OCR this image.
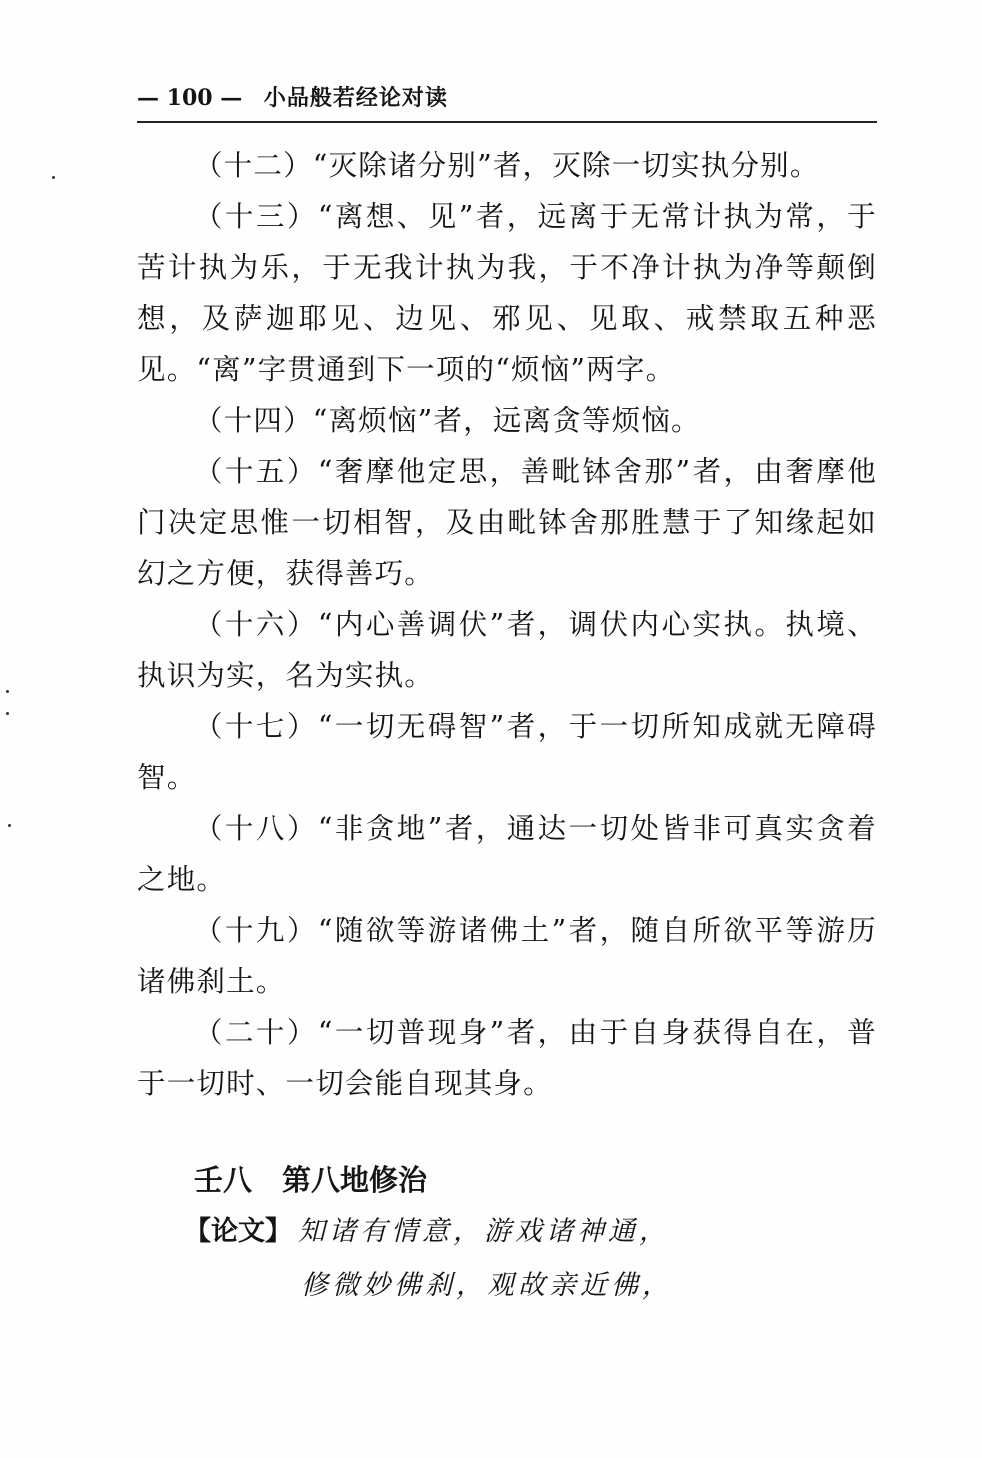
— 100 — 小品般若经论对读

（十二）“灭除诸分别”者，灭除一切实执分别。

（十三）“离想、见”者，远离于无常计执为常，于苦计执为乐，于无我计执为我，于不净计执为净等颠倒想，及萨迦耶见、边见、邪见、见取、戒禁取五种恶见。“离”字贯通到下一项的“烦恼”两字。

（十四）“离烦恼”者，远离贪等烦恼。

（十五）“奢摩他定思，善毗钵舍那”者，由奢摩他门决定思惟一切相智，及由毗钵舍那胜慧于了知缘起如幻之方便，获得善巧。

（十六）“内心善调伏”者，调伏内心实执。执境、执识为实，名为实执。

（十七）“一切无碍智”者，于一切所知成就无障碍智。

（十八）“非贪地”者，通达一切处皆非可真实贪着之地。

（十九）“随欲等游诸佛土”者，随自所欲平等游历诸佛刹土。

（二十）“一切普现身”者，由于自身获得自在，普于一切时、一切会能自现其身。

壬八 第八地修治
【论文】 知诸有情意，游戏诸神通，
修微妙佛刹，观故亲近佛，
